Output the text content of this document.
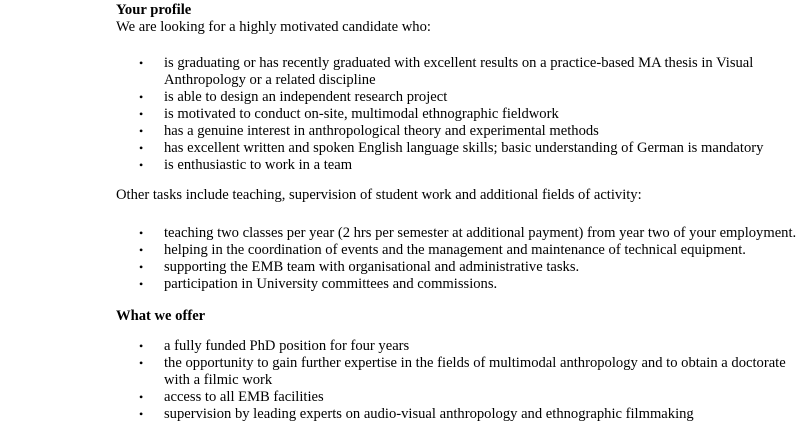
Your profile
We are looking for a highly motivated candidate who:
•
is graduating or has recently graduated with excellent results on a practice-based MA thesis in Visual
Anthropology or a related discipline
•
is able to design an independent research project
•
is motivated to conduct on-site, multimodal ethnographic fieldwork
•
has a genuine interest in anthropological theory and experimental methods
•
has excellent written and spoken English language skills; basic understanding of German is mandatory
•
is enthusiastic to work in a team
Other tasks include teaching, supervision of student work and additional fields of activity:
•
teaching two classes per year (2 hrs per semester at additional payment) from year two of your employment.
•
helping in the coordination of events and the management and maintenance of technical equipment.
•
supporting the EMB team with organisational and administrative tasks.
•
participation in University committees and commissions.
What we offer
•
a fully funded PhD position for four years
•
the opportunity to gain further expertise in the fields of multimodal anthropology and to obtain a doctorate
with a filmic work
•
access to all EMB facilities
•
supervision by leading experts on audio-visual anthropology and ethnographic filmmaking
